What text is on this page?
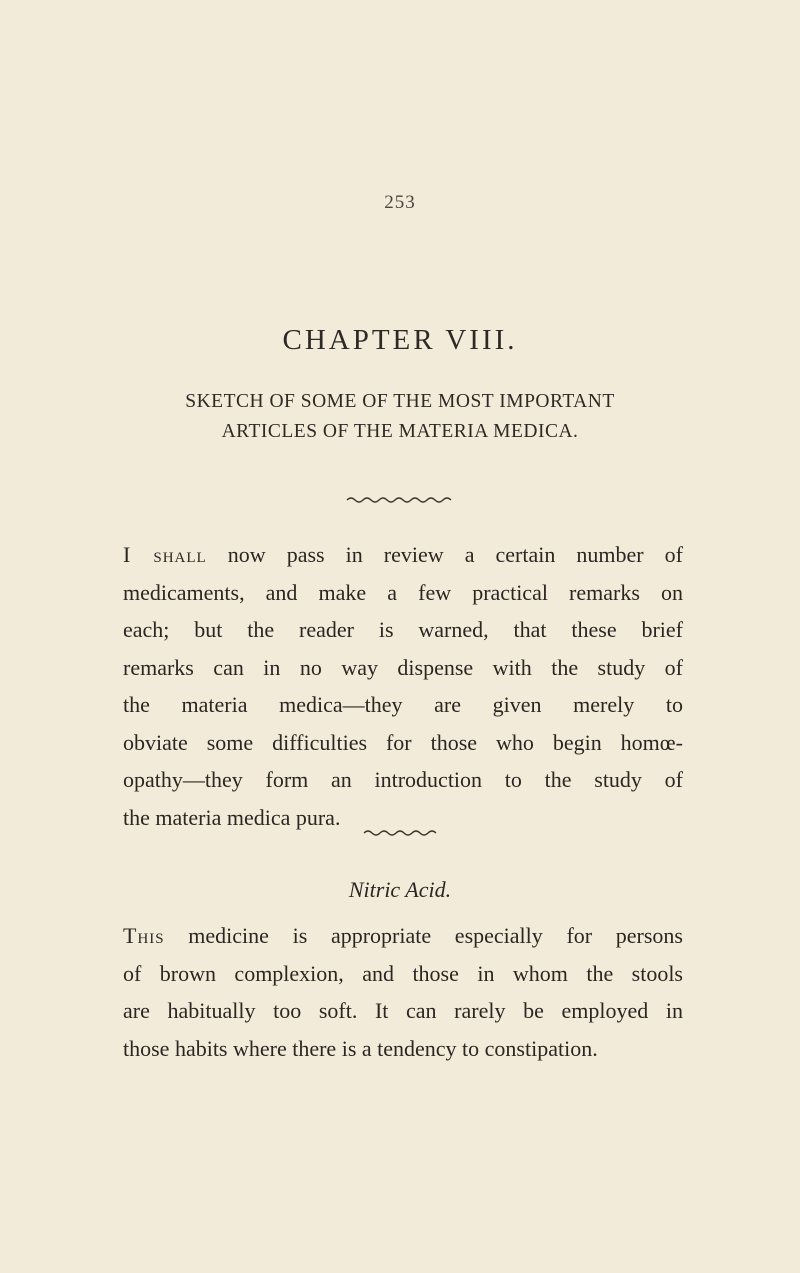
253
CHAPTER VIII.
SKETCH OF SOME OF THE MOST IMPORTANT
ARTICLES OF THE MATERIA MEDICA.
I shall now pass in review a certain number of
medicaments, and make a few practical remarks on
each; but the reader is warned, that these brief
remarks can in no way dispense with the study of
the materia medica—they are given merely to
obviate some difficulties for those who begin homœ-
opathy—they form an introduction to the study of
the materia medica pura.
Nitric Acid.
This medicine is appropriate especially for persons
of brown complexion, and those in whom the stools
are habitually too soft. It can rarely be employed in
those habits where there is a tendency to constipation.
